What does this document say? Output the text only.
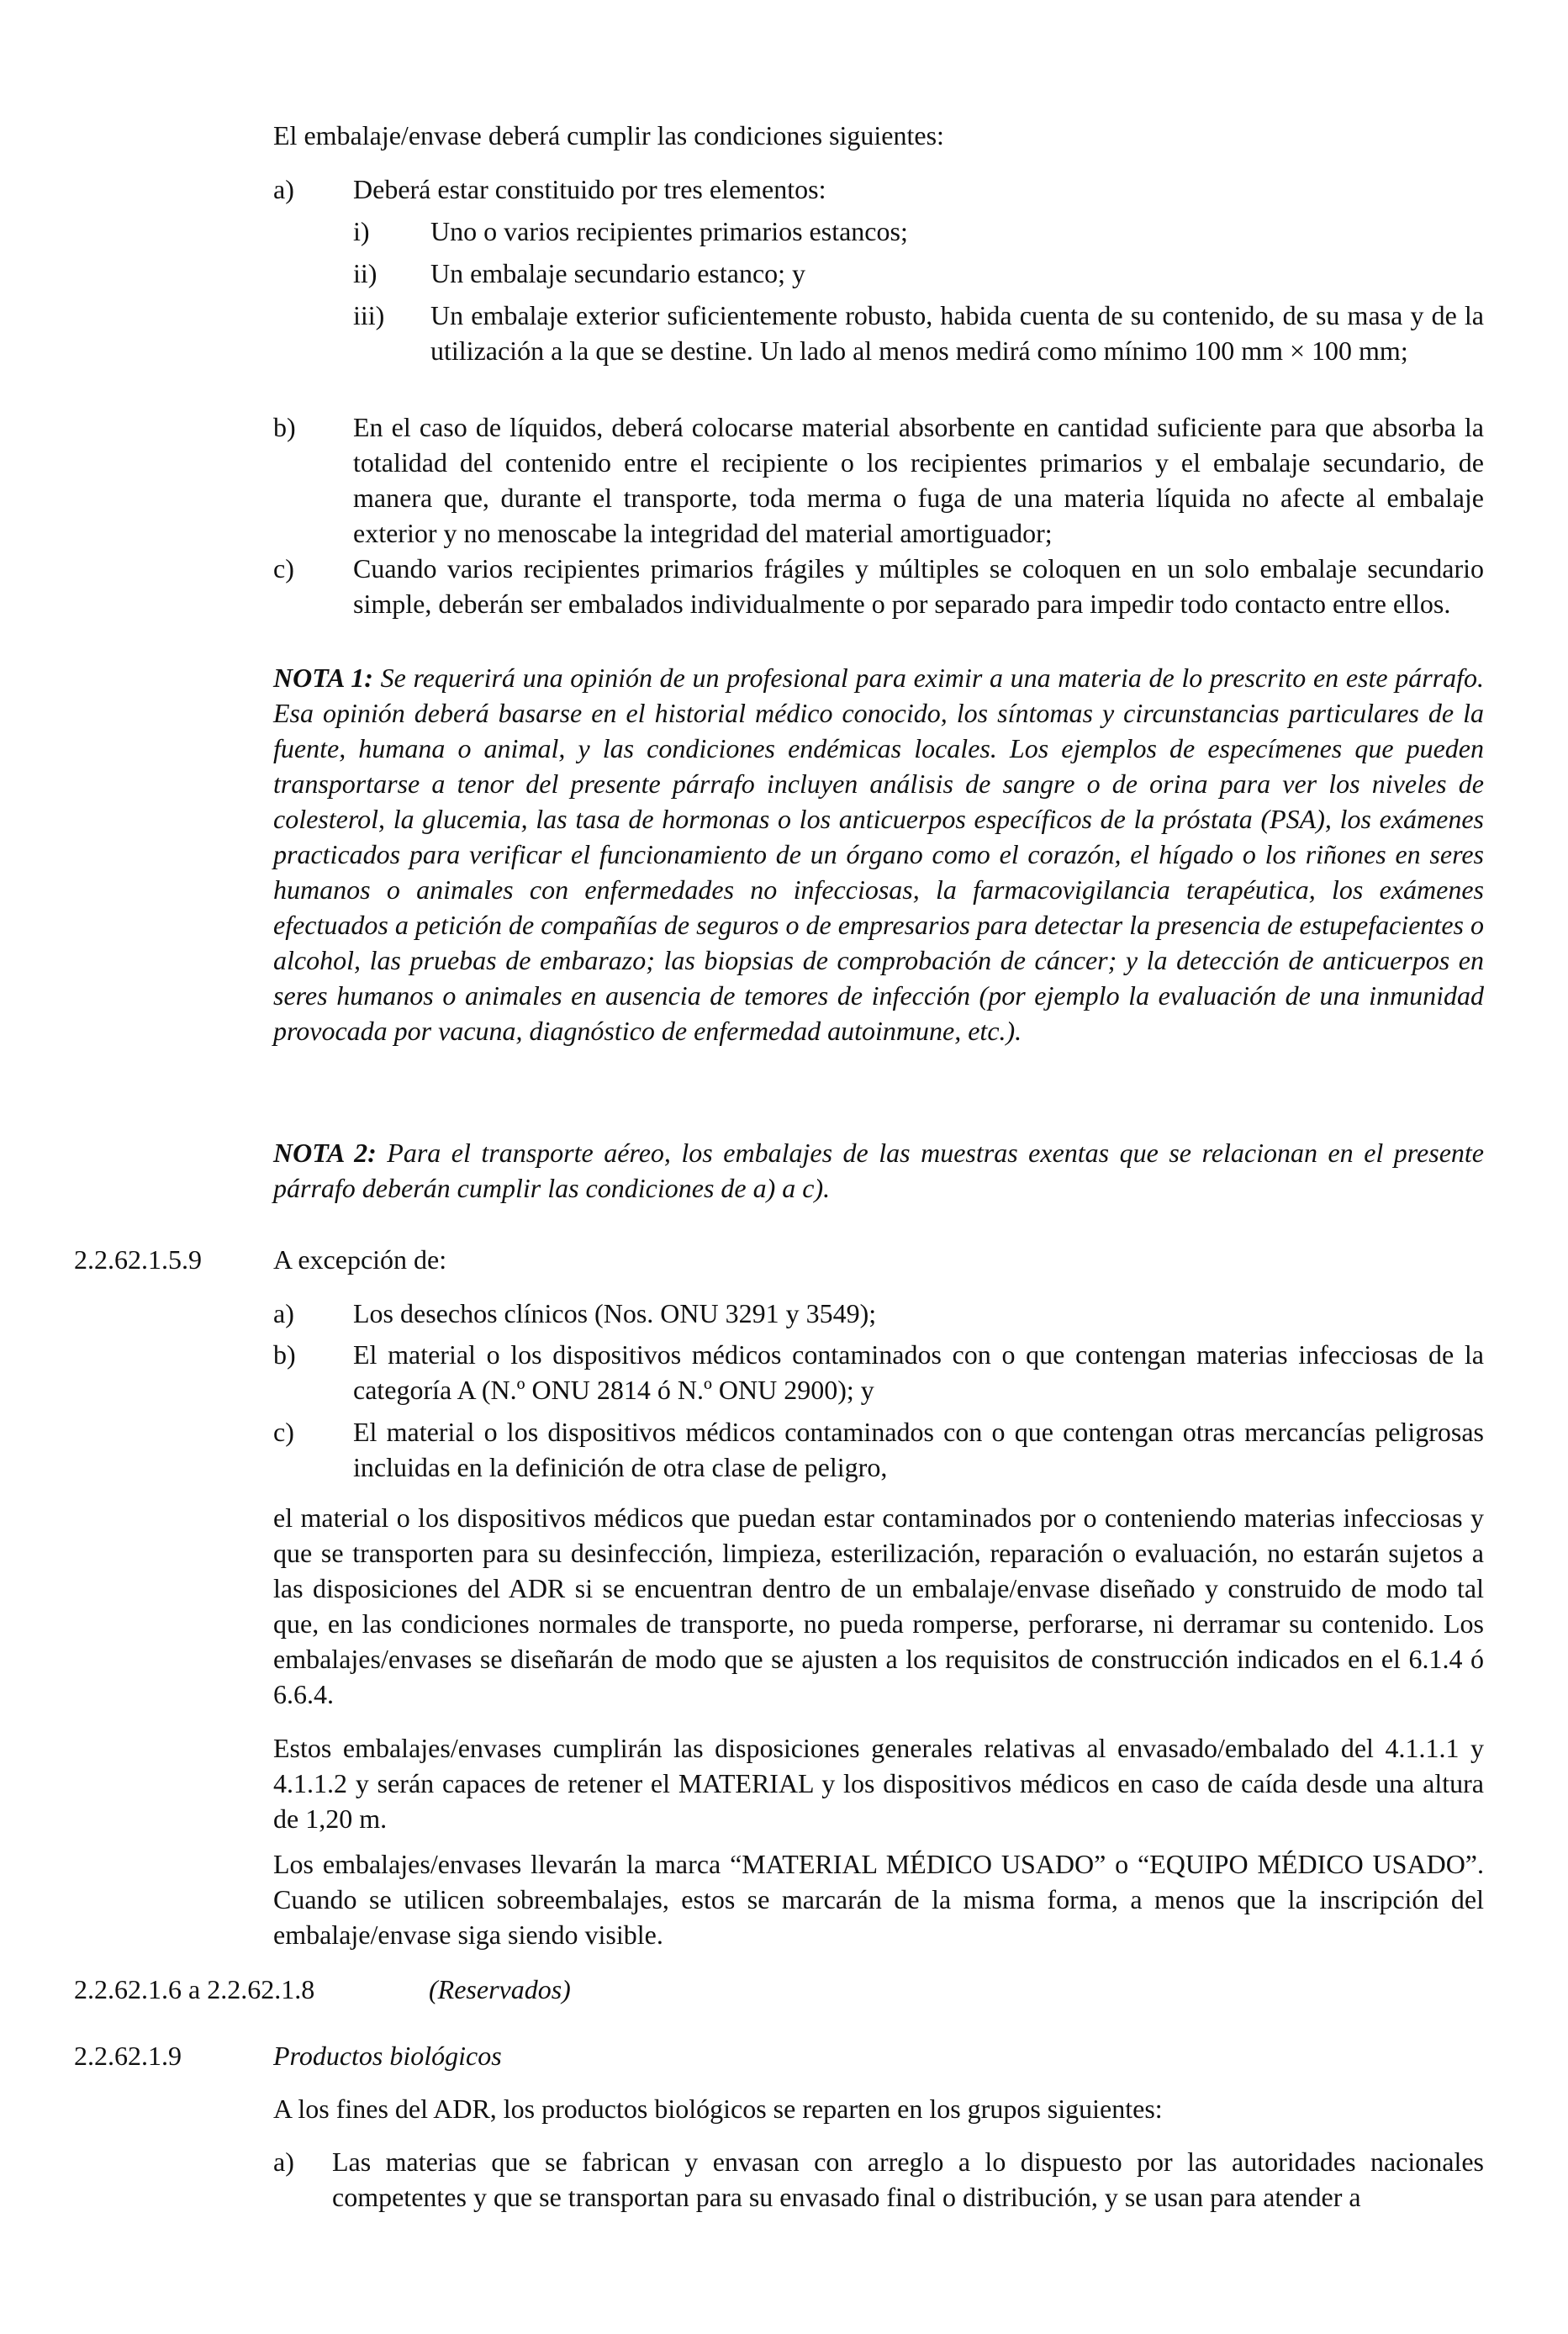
El embalaje/envase deberá cumplir las condiciones siguientes:

a) Deberá estar constituido por tres elementos:

i) Uno o varios recipientes primarios estancos;

ii) Un embalaje secundario estanco; y

iii) Un embalaje exterior suficientemente robusto, habida cuenta de su contenido, de su masa y de la utilización a la que se destine. Un lado al menos medirá como mínimo 100 mm × 100 mm;

b) En el caso de líquidos, deberá colocarse material absorbente en cantidad suficiente para que absorba la totalidad del contenido entre el recipiente o los recipientes primarios y el embalaje secundario, de manera que, durante el transporte, toda merma o fuga de una materia líquida no afecte al embalaje exterior y no menoscabe la integridad del material amortiguador;

c) Cuando varios recipientes primarios frágiles y múltiples se coloquen en un solo embalaje secundario simple, deberán ser embalados individualmente o por separado para impedir todo contacto entre ellos.

NOTA 1: Se requerirá una opinión de un profesional para eximir a una materia de lo prescrito en este párrafo. Esa opinión deberá basarse en el historial médico conocido, los síntomas y circunstancias particulares de la fuente, humana o animal, y las condiciones endémicas locales. Los ejemplos de especímenes que pueden transportarse a tenor del presente párrafo incluyen análisis de sangre o de orina para ver los niveles de colesterol, la glucemia, las tasa de hormonas o los anticuerpos específicos de la próstata (PSA), los exámenes practicados para verificar el funcionamiento de un órgano como el corazón, el hígado o los riñones en seres humanos o animales con enfermedades no infecciosas, la farmacovigilancia terapéutica, los exámenes efectuados a petición de compañías de seguros o de empresarios para detectar la presencia de estupefacientes o alcohol, las pruebas de embarazo; las biopsias de comprobación de cáncer; y la detección de anticuerpos en seres humanos o animales en ausencia de temores de infección (por ejemplo la evaluación de una inmunidad provocada por vacuna, diagnóstico de enfermedad autoinmune, etc.).

NOTA 2: Para el transporte aéreo, los embalajes de las muestras exentas que se relacionan en el presente párrafo deberán cumplir las condiciones de a) a c).

2.2.62.1.5.9	A excepción de:

a) Los desechos clínicos (Nos. ONU 3291 y 3549);

b) El material o los dispositivos médicos contaminados con o que contengan materias infecciosas de la categoría A (N.º ONU 2814 ó N.º ONU 2900); y

c) El material o los dispositivos médicos contaminados con o que contengan otras mercancías peligrosas incluidas en la definición de otra clase de peligro,

el material o los dispositivos médicos que puedan estar contaminados por o conteniendo materias infecciosas y que se transporten para su desinfección, limpieza, esterilización, reparación o evaluación, no estarán sujetos a las disposiciones del ADR si se encuentran dentro de un embalaje/envase diseñado y construido de modo tal que, en las condiciones normales de transporte, no pueda romperse, perforarse, ni derramar su contenido. Los embalajes/envases se diseñarán de modo que se ajusten a los requisitos de construcción indicados en el 6.1.4 ó 6.6.4.

Estos embalajes/envases cumplirán las disposiciones generales relativas al envasado/embalado del 4.1.1.1 y 4.1.1.2 y serán capaces de retener el MATERIAL y los dispositivos médicos en caso de caída desde una altura de 1,20 m.

Los embalajes/envases llevarán la marca “MATERIAL MÉDICO USADO” o “EQUIPO MÉDICO USADO”. Cuando se utilicen sobreembalajes, estos se marcarán de la misma forma, a menos que la inscripción del embalaje/envase siga siendo visible.

2.2.62.1.6 a 2.2.62.1.8	(Reservados)
2.2.62.1.9	Productos biológicos

A los fines del ADR, los productos biológicos se reparten en los grupos siguientes:

a) Las materias que se fabrican y envasan con arreglo a lo dispuesto por las autoridades nacionales competentes y que se transportan para su envasado final o distribución, y se usan para atender a
